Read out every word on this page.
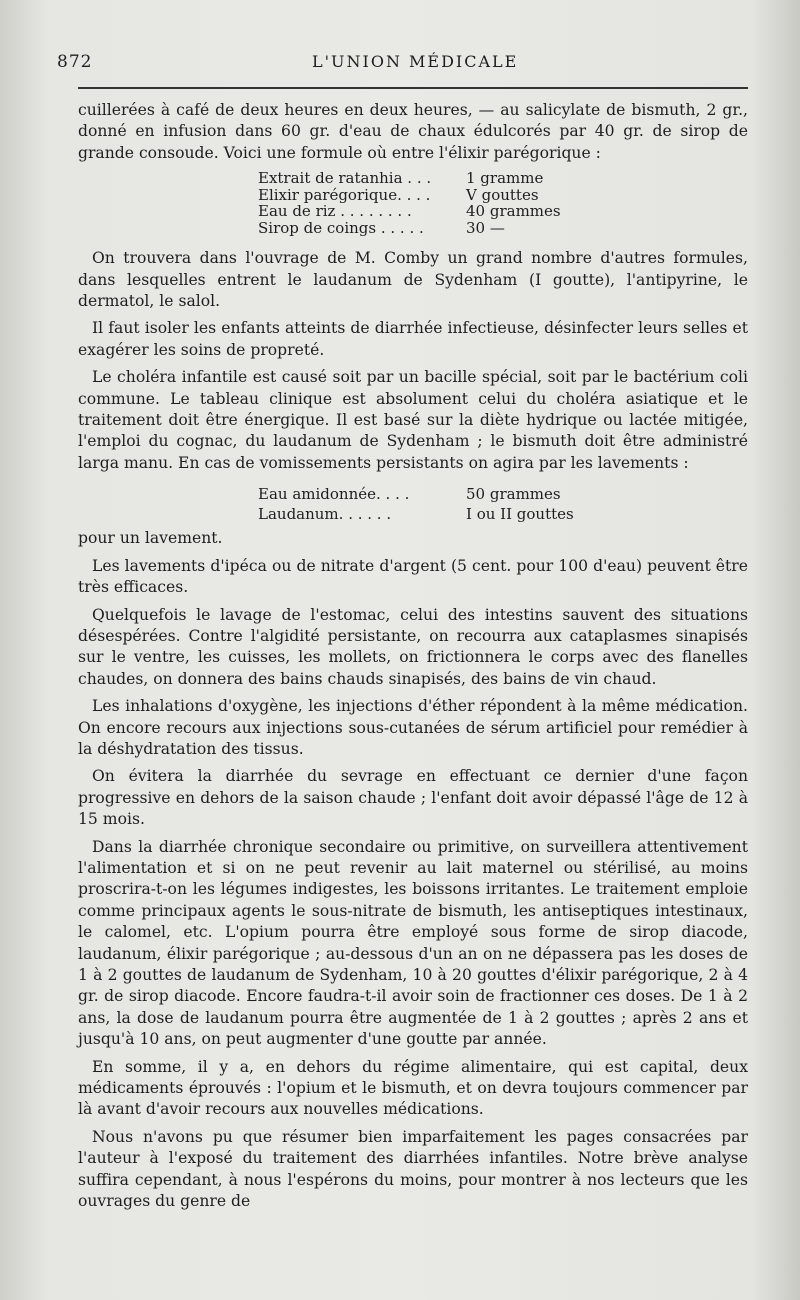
872	L'UNION MÉDICALE

cuillerées à café de deux heures en deux heures, — au salicylate de bismuth, 2 gr., donné en infusion dans 60 gr. d'eau de chaux édulcorés par 40 gr. de sirop de grande consoude. Voici une formule où entre l'élixir parégorique :

Extrait de ratanhia . . .	1 gramme
Elixir parégorique. . . .	V gouttes
Eau de riz . . . . . . . .	40 grammes
Sirop de coings . . . . .	30 —

On trouvera dans l'ouvrage de M. Comby un grand nombre d'autres formules, dans lesquelles entrent le laudanum de Sydenham (I goutte), l'antipyrine, le dermatol, le salol.

Il faut isoler les enfants atteints de diarrhée infectieuse, désinfecter leurs selles et exagérer les soins de propreté.

Le choléra infantile est causé soit par un bacille spécial, soit par le bactérium coli commune. Le tableau clinique est absolument celui du choléra asiatique et le traitement doit être énergique. Il est basé sur la diète hydrique ou lactée mitigée, l'emploi du cognac, du laudanum de Sydenham ; le bismuth doit être administré larga manu. En cas de vomissements persistants on agira par les lavements :

Eau amidonnée. . . .	50 grammes
Laudanum. . . . . .	I ou II gouttes

pour un lavement.

Les lavements d'ipéca ou de nitrate d'argent (5 cent. pour 100 d'eau) peuvent être très efficaces.

Quelquefois le lavage de l'estomac, celui des intestins sauvent des situations désespérées. Contre l'algidité persistante, on recourra aux cataplasmes sinapisés sur le ventre, les cuisses, les mollets, on frictionnera le corps avec des flanelles chaudes, on donnera des bains chauds sinapisés, des bains de vin chaud.

Les inhalations d'oxygène, les injections d'éther répondent à la même médication. On encore recours aux injections sous-cutanées de sérum artificiel pour remédier à la déshydratation des tissus.

On évitera la diarrhée du sevrage en effectuant ce dernier d'une façon progressive en dehors de la saison chaude ; l'enfant doit avoir dépassé l'âge de 12 à 15 mois.

Dans la diarrhée chronique secondaire ou primitive, on surveillera attentivement l'alimentation et si on ne peut revenir au lait maternel ou stérilisé, au moins proscrira-t-on les légumes indigestes, les boissons irritantes. Le traitement emploie comme principaux agents le sous-nitrate de bismuth, les antiseptiques intestinaux, le calomel, etc. L'opium pourra être employé sous forme de sirop diacode, laudanum, élixir parégorique ; au-dessous d'un an on ne dépassera pas les doses de 1 à 2 gouttes de laudanum de Sydenham, 10 à 20 gouttes d'élixir parégorique, 2 à 4 gr. de sirop diacode. Encore faudra-t-il avoir soin de fractionner ces doses. De 1 à 2 ans, la dose de laudanum pourra être augmentée de 1 à 2 gouttes ; après 2 ans et jusqu'à 10 ans, on peut augmenter d'une goutte par année.

En somme, il y a, en dehors du régime alimentaire, qui est capital, deux médicaments éprouvés : l'opium et le bismuth, et on devra toujours commencer par là avant d'avoir recours aux nouvelles médications.

Nous n'avons pu que résumer bien imparfaitement les pages consacrées par l'auteur à l'exposé du traitement des diarrhées infantiles. Notre brève analyse suffira cependant, à nous l'espérons du moins, pour montrer à nos lecteurs que les ouvrages du genre de
